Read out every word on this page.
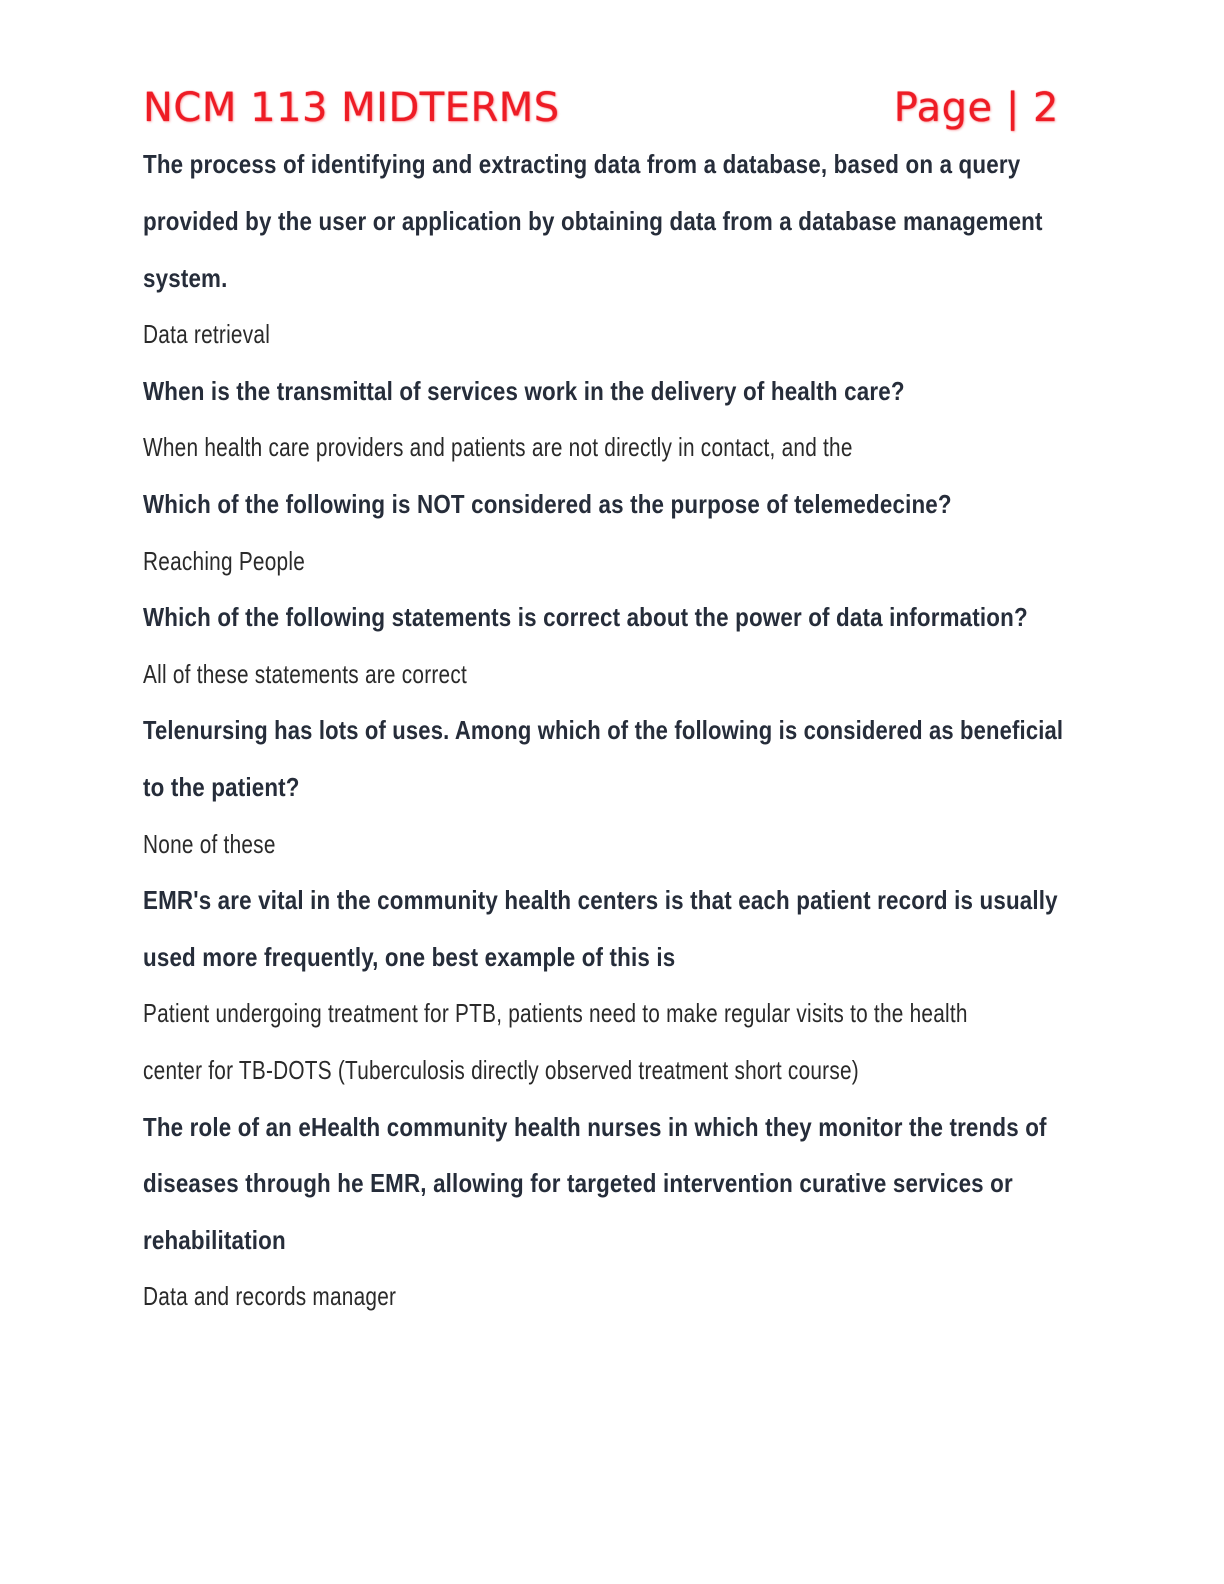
NCM 113 MIDTERMS	Page | 2
The process of identifying and extracting data from a database, based on a query
provided by the user or application by obtaining data from a database management
system.
Data retrieval
When is the transmittal of services work in the delivery of health care?
When health care providers and patients are not directly in contact, and the
Which of the following is NOT considered as the purpose of telemedecine?
Reaching People
Which of the following statements is correct about the power of data information?
All of these statements are correct
Telenursing has lots of uses. Among which of the following is considered as beneficial
to the patient?
None of these
EMR's are vital in the community health centers is that each patient record is usually
used more frequently, one best example of this is
Patient undergoing treatment for PTB, patients need to make regular visits to the health
center for TB-DOTS (Tuberculosis directly observed treatment short course)
The role of an eHealth community health nurses in which they monitor the trends of
diseases through he EMR, allowing for targeted intervention curative services or
rehabilitation
Data and records manager
